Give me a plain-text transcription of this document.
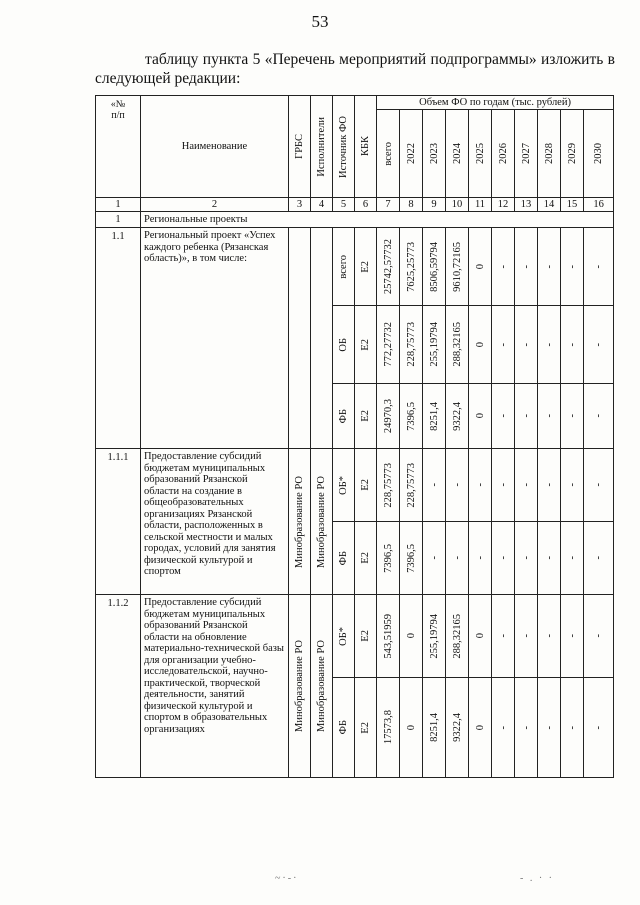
53
таблицу пункта 5 «Перечень мероприятий подпрограммы» изложить в следующей редакции:
«№ п/п	Наименование	ГРБС	Исполнители	Источник ФО	КБК	Объем ФО по годам (тыс. рублей)									

						всего	2022	2023	2024	2025	2026	2027	2028	2029	2030

1	2	3	4	5	6	7	8	9	10	11	12	13	14	15	16
1	Региональные проекты														
1.1	Региональный проект «Успех каждого ребенка (Рязанская область)», в том числе:			всего	Е2	25742,57732	7625,25773	8506,59794	9610,72165	0	-	-	-	-	-

				ОБ	Е2	772,27732	228,75773	255,19794	288,32165	0	-	-	-	-	-

				ФБ	Е2	24970,3	7396,5	8251,4	9322,4	0	-	-	-	-	-

1.1.1	Предоставление субсидий бюджетам муниципальных образований Рязанской области на создание в общеобразовательных организациях Рязанской области, расположенных в сельской местности и малых городах, условий для занятия физической культурой и спортом	Минобразование РО	Минобразование РО	ОБ*	Е2	228,75773	228,75773	-	-	-	-	-	-	-	-

				ФБ	Е2	7396,5	7396,5	-	-	-	-	-	-	-	-

1.1.2	Предоставление субсидий бюджетам муниципальных образований Рязанской области на обновление материально-технической базы для организации учебно-исследовательской, научно-практической, творческой деятельности, занятий физической культурой и спортом в образовательных организациях	Минобразование РО	Минобразование РО	ОБ*	Е2	543,51959	0	255,19794	288,32165	0	-	-	-	-	-

				ФБ	Е2	17573,8	0	8251,4	9322,4	0	-	-	-	-	-
~·-·	- . · ·
